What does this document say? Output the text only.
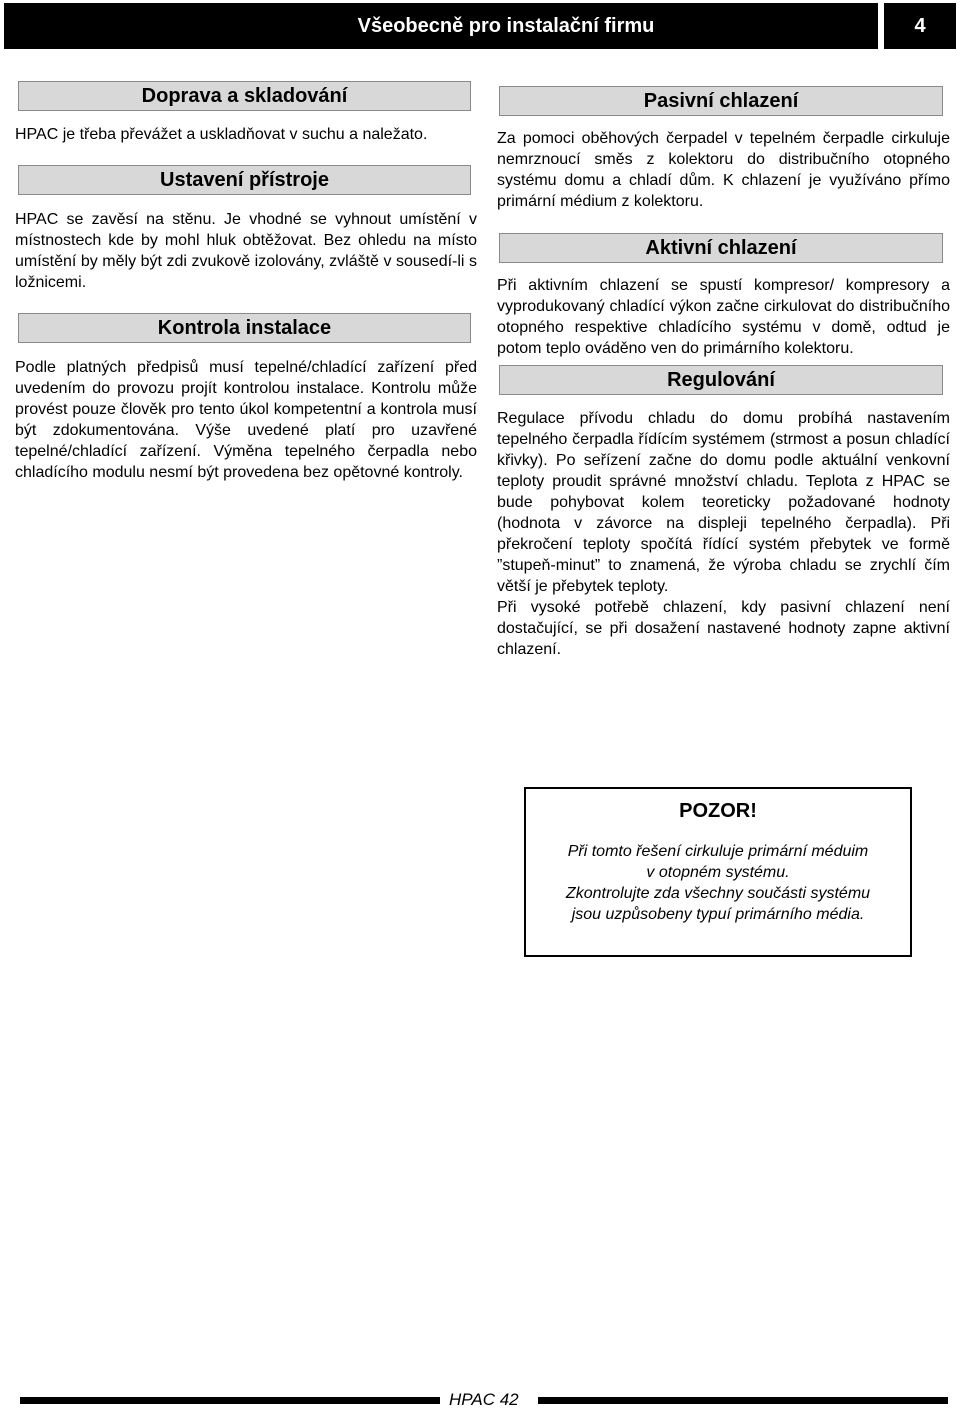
Všeobecně pro instalační firmu	4
Doprava a skladování

HPAC je třeba převážet a uskladňovat v suchu a naležato.

Ustavení přístroje

HPAC se zavěsí na stěnu. Je vhodné se vyhnout umístění v místnostech kde by mohl hluk obtěžovat. Bez ohledu na místo umístění by měly být zdi zvukově izolovány, zvláště v sousedí-li s ložnicemi.

Kontrola instalace

Podle platných předpisů musí tepelné/chladící zařízení před uvedením do provozu projít kontrolou instalace. Kontrolu může provést pouze člověk pro tento úkol kompetentní a kontrola musí být zdokumentována. Výše uvedené platí pro uzavřené tepelné/chladící zařízení. Výměna tepelného čerpadla nebo chladícího modulu nesmí být provedena bez opětovné kontroly.

Pasivní chlazení

Za pomoci oběhových čerpadel v tepelném čerpadle cirkuluje nemrznoucí směs z kolektoru do distribučního otopného systému domu a chladí dům. K chlazení je využíváno přímo primární médium z kolektoru.

Aktivní chlazení

Při aktivním chlazení se spustí kompresor/ kompresory a vyprodukovaný chladící výkon začne cirkulovat do distribučního otopného respektive chladícího systému v domě, odtud je potom teplo ováděno ven do primárního kolektoru.

Regulování

Regulace přívodu chladu do domu probíhá nastavením tepelného čerpadla řídícím systémem (strmost a posun chladící křivky). Po seřízení začne do domu podle aktuální venkovní teploty proudit správné množství chladu. Teplota z HPAC se bude pohybovat kolem teoreticky požadované hodnoty (hodnota v závorce na displeji tepelného čerpadla). Při překročení teploty spočítá řídící systém přebytek ve formě ”stupeň-minut” to znamená, že výroba chladu se zrychlí čím větší je přebytek teploty.

Při vysoké potřebě chlazení, kdy pasivní chlazení není dostačující, se při dosažení nastavené hodnoty zapne aktivní chlazení.

POZOR!
Při tomto řešení cirkuluje primární méduim
v otopném systému.
Zkontrolujte zda všechny součásti systému
jsou uzpůsobeny typuí primárního média.
HPAC 42
